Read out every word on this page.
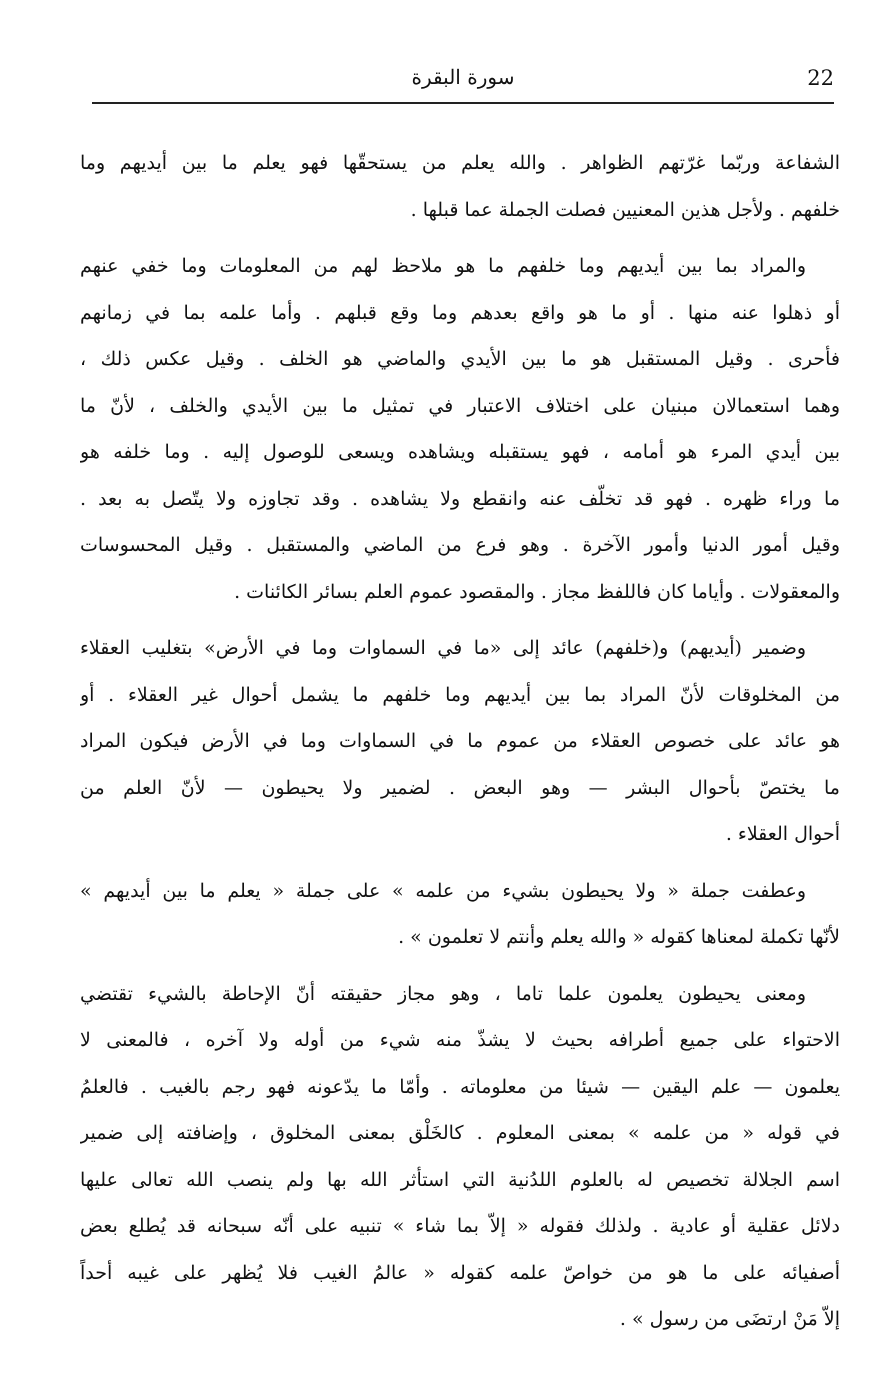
22
سورة البقرة
الشفاعة وربّما غرّتهم الظواهر . والله يعلم من يستحقّها فهو يعلم ما بين أيديهم وما
خلفهم . ولأجل هذين المعنيين فصلت الجملة عما قبلها .
والمراد بما بين أيديهم وما خلفهم ما هو ملاحظ لهم من المعلومات وما خفي عنهم
أو ذهلوا عنه منها . أو ما هو واقع بعدهم وما وقع قبلهم . وأما علمه بما في زمانهم
فأحرى . وقيل المستقبل هو ما بين الأيدي والماضي هو الخلف . وقيل عكس ذلك ،
وهما استعمالان مبنيان على اختلاف الاعتبار في تمثيل ما بين الأيدي والخلف ، لأنّ ما
بين أيدي المرء هو أمامه ، فهو يستقبله ويشاهده ويسعى للوصول إليه . وما خلفه هو
ما وراء ظهره . فهو قد تخلّف عنه وانقطع ولا يشاهده . وقد تجاوزه ولا يتّصل به بعد .
وقيل أمور الدنيا وأمور الآخرة . وهو فرع من الماضي والمستقبل . وقيل المحسوسات
والمعقولات . وأياما كان فاللفظ مجاز . والمقصود عموم العلم بسائر الكائنات .
وضمير (أيديهم) و(خلفهم) عائد إلى «ما في السماوات وما في الأرض» بتغليب العقلاء
من المخلوقات لأنّ المراد بما بين أيديهم وما خلفهم ما يشمل أحوال غير العقلاء . أو
هو عائد على خصوص العقلاء من عموم ما في السماوات وما في الأرض فيكون المراد
ما يختصّ بأحوال البشر — وهو البعض . لضمير ولا يحيطون — لأنّ العلم من
أحوال العقلاء .
وعطفت جملة « ولا يحيطون بشيء من علمه » على جملة « يعلم ما بين أيديهم »
لأنّها تكملة لمعناها كقوله « والله يعلم وأنتم لا تعلمون » .
ومعنى يحيطون يعلمون علما تاما ، وهو مجاز حقيقته أنّ الإحاطة بالشيء تقتضي
الاحتواء على جميع أطرافه بحيث لا يشذّ منه شيء من أوله ولا آخره ، فالمعنى لا
يعلمون — علم اليقين — شيئا من معلوماته . وأمّا ما يدّعونه فهو رجم بالغيب . فالعلمُ
في قوله « من علمه » بمعنى المعلوم . كالخَلْق بمعنى المخلوق ، وإضافته إلى ضمير
اسم الجلالة تخصيص له بالعلوم اللدُنية التي استأثر الله بها ولم ينصب الله تعالى عليها
دلائل عقلية أو عادية . ولذلك فقوله « إلاّ بما شاء » تنبيه على أنّه سبحانه قد يُطلع بعض
أصفيائه على ما هو من خواصّ علمه كقوله « عالمُ الغيب فلا يُظهر على غيبه أحداً
إلاّ مَنْ ارتضَى من رسول » .
